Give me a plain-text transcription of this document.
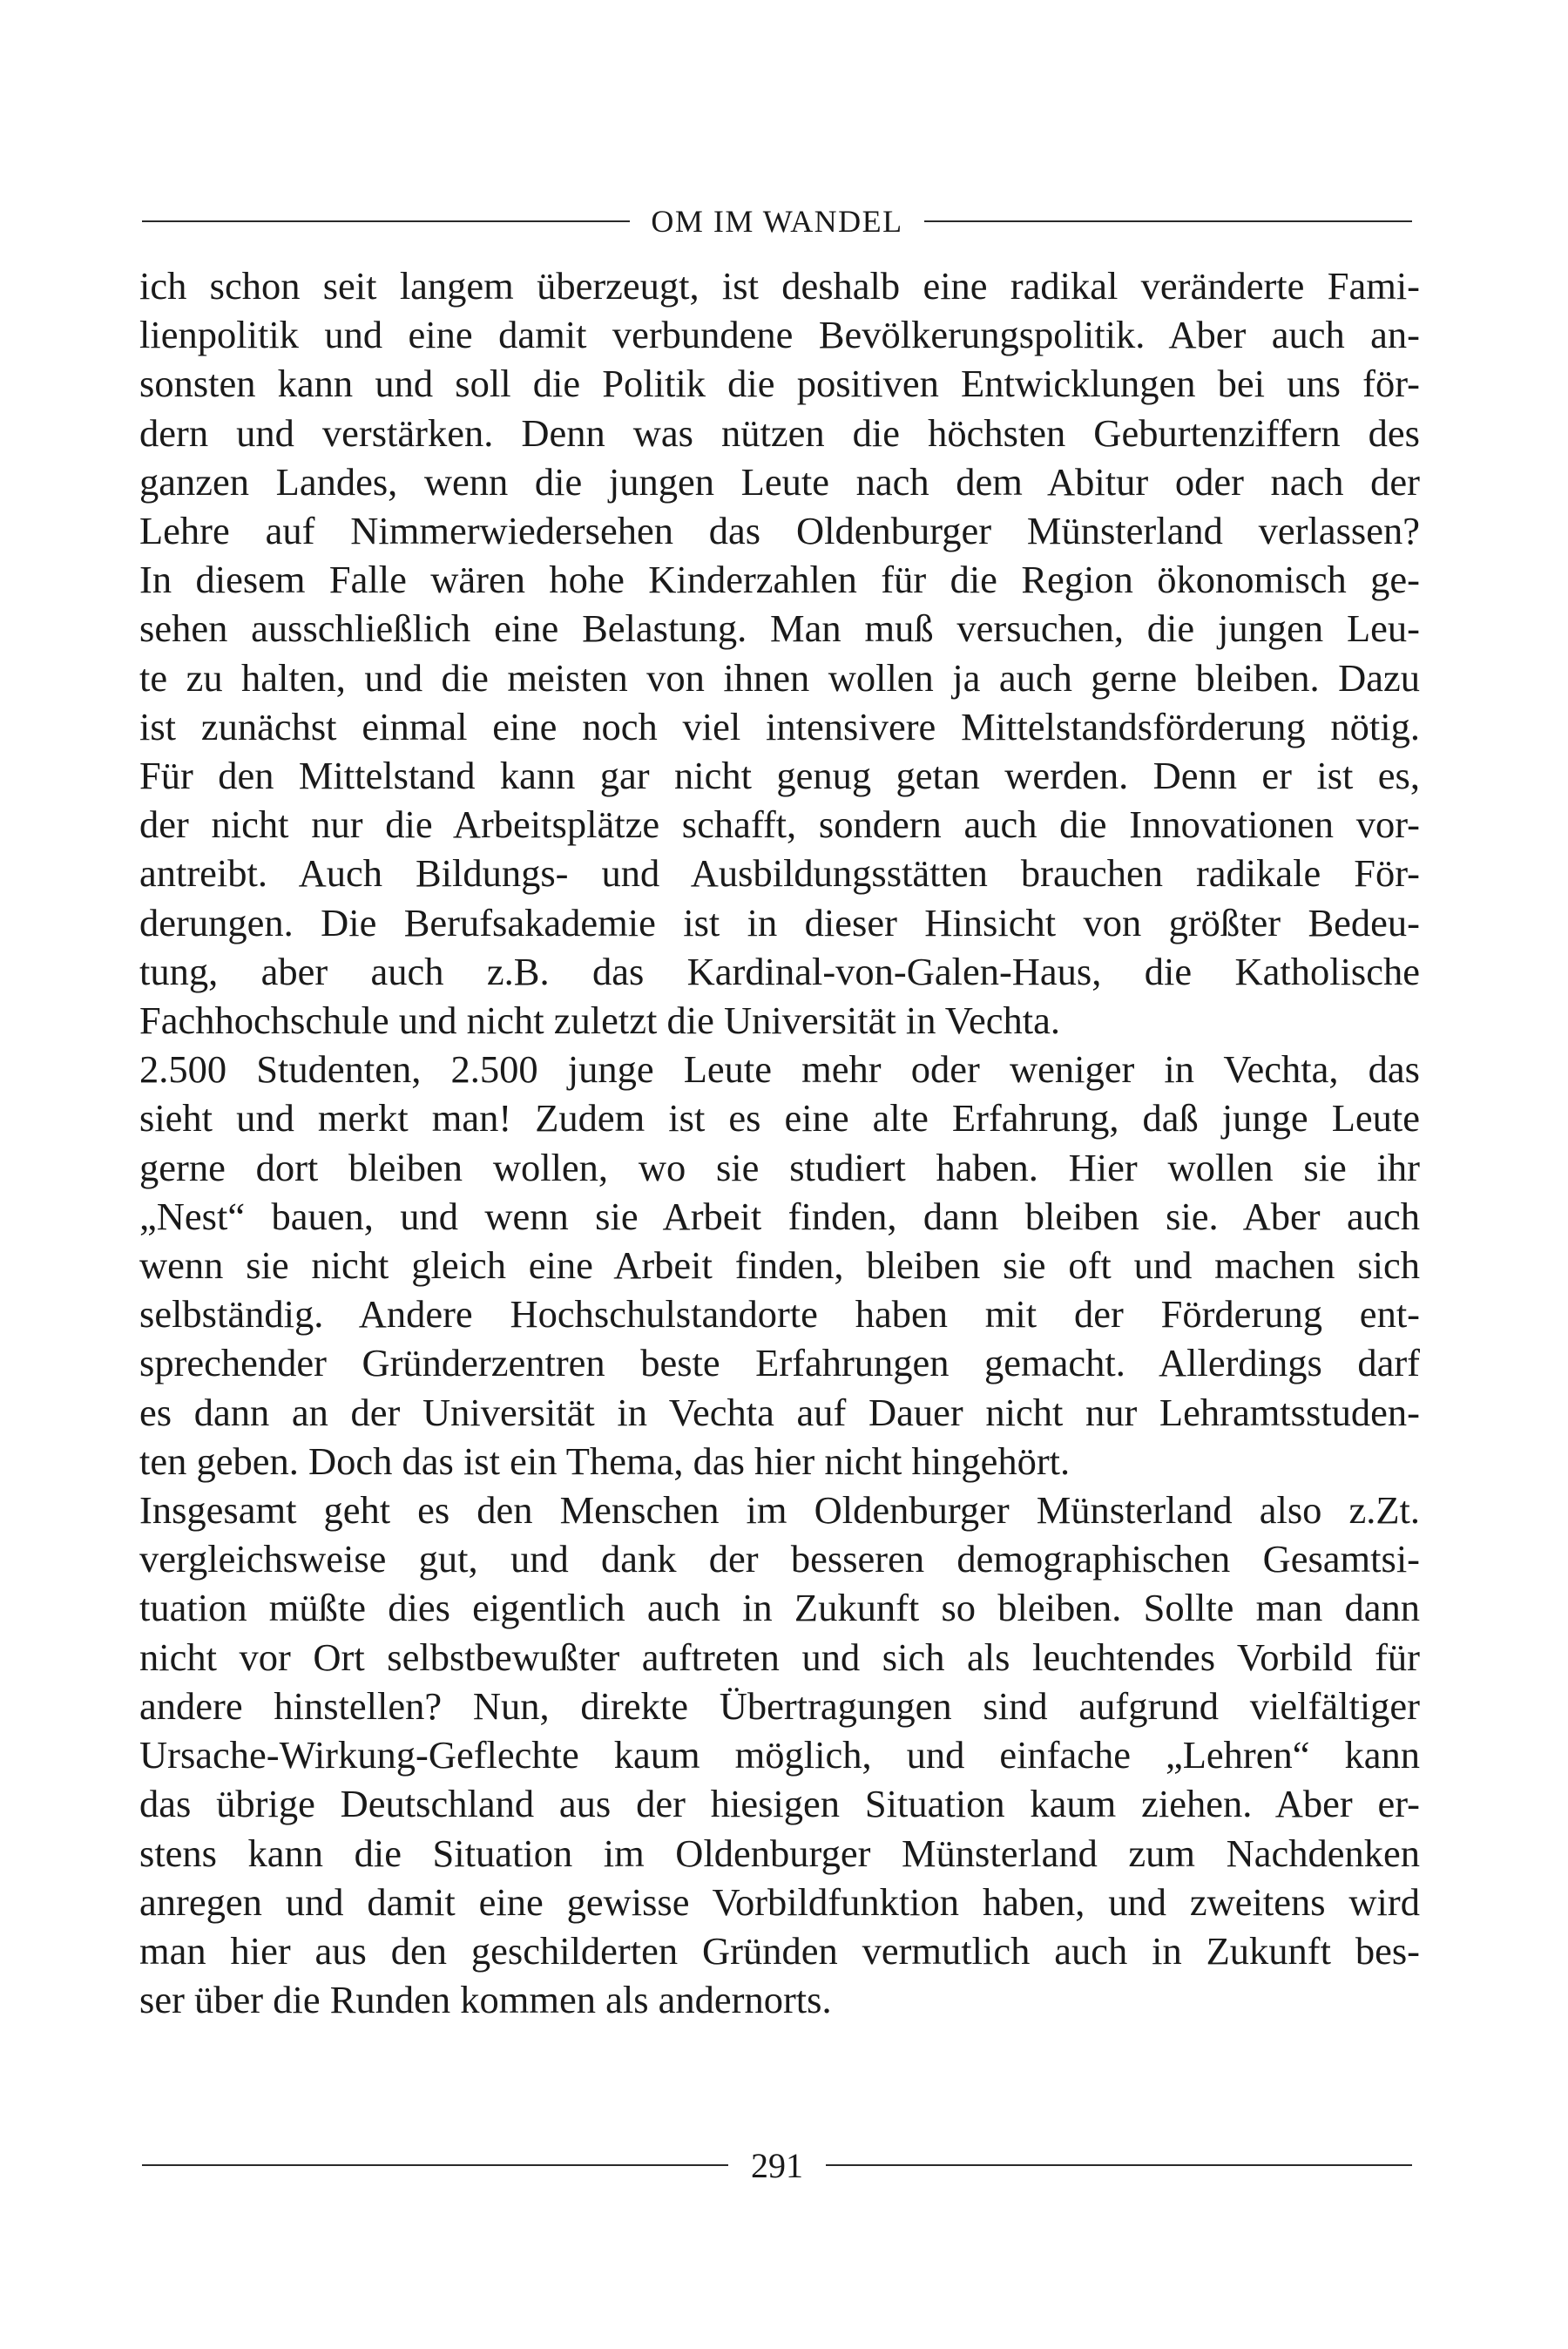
OM IM WANDEL
ich schon seit langem überzeugt, ist deshalb eine radikal veränderte Fami-
lienpolitik und eine damit verbundene Bevölkerungspolitik. Aber auch an-
sonsten kann und soll die Politik die positiven Entwicklungen bei uns för-
dern und verstärken. Denn was nützen die höchsten Geburtenziffern des
ganzen Landes, wenn die jungen Leute nach dem Abitur oder nach der
Lehre auf Nimmerwiedersehen das Oldenburger Münsterland verlassen?
In diesem Falle wären hohe Kinderzahlen für die Region ökonomisch ge-
sehen ausschließlich eine Belastung. Man muß versuchen, die jungen Leu-
te zu halten, und die meisten von ihnen wollen ja auch gerne bleiben. Dazu
ist zunächst einmal eine noch viel intensivere Mittelstandsförderung nötig.
Für den Mittelstand kann gar nicht genug getan werden. Denn er ist es,
der nicht nur die Arbeitsplätze schafft, sondern auch die Innovationen vor-
antreibt. Auch Bildungs- und Ausbildungsstätten brauchen radikale För-
derungen. Die Berufsakademie ist in dieser Hinsicht von größter Bedeu-
tung, aber auch z.B. das Kardinal-von-Galen-Haus, die Katholische
Fachhochschule und nicht zuletzt die Universität in Vechta.
2.500 Studenten, 2.500 junge Leute mehr oder weniger in Vechta, das
sieht und merkt man! Zudem ist es eine alte Erfahrung, daß junge Leute
gerne dort bleiben wollen, wo sie studiert haben. Hier wollen sie ihr
„Nest“ bauen, und wenn sie Arbeit finden, dann bleiben sie. Aber auch
wenn sie nicht gleich eine Arbeit finden, bleiben sie oft und machen sich
selbständig. Andere Hochschulstandorte haben mit der Förderung ent-
sprechender Gründerzentren beste Erfahrungen gemacht. Allerdings darf
es dann an der Universität in Vechta auf Dauer nicht nur Lehramtsstuden-
ten geben. Doch das ist ein Thema, das hier nicht hingehört.
Insgesamt geht es den Menschen im Oldenburger Münsterland also z.Zt.
vergleichsweise gut, und dank der besseren demographischen Gesamtsi-
tuation müßte dies eigentlich auch in Zukunft so bleiben. Sollte man dann
nicht vor Ort selbstbewußter auftreten und sich als leuchtendes Vorbild für
andere hinstellen? Nun, direkte Übertragungen sind aufgrund vielfältiger
Ursache-Wirkung-Geflechte kaum möglich, und einfache „Lehren“ kann
das übrige Deutschland aus der hiesigen Situation kaum ziehen. Aber er-
stens kann die Situation im Oldenburger Münsterland zum Nachdenken
anregen und damit eine gewisse Vorbildfunktion haben, und zweitens wird
man hier aus den geschilderten Gründen vermutlich auch in Zukunft bes-
ser über die Runden kommen als andernorts.
291
